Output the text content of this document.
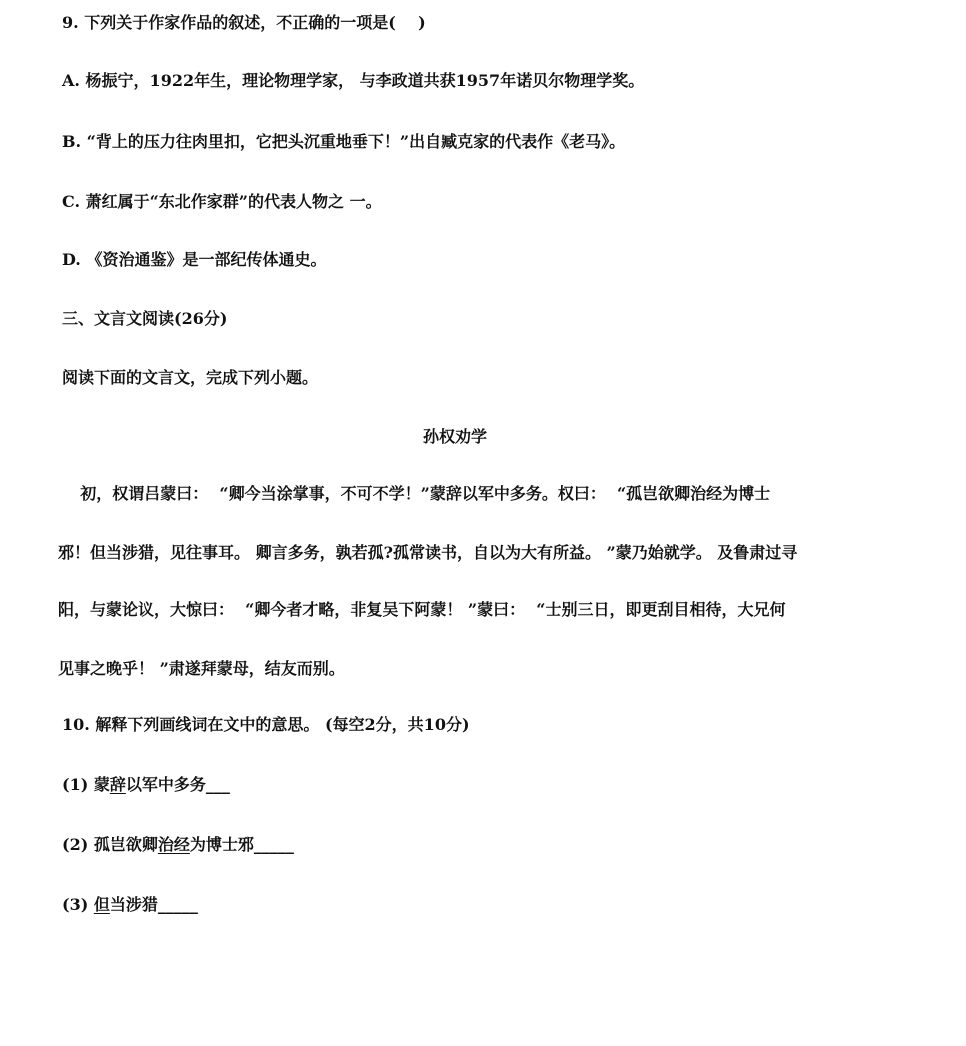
9. 下列关于作家作品的叙述，不正确的一项是(    )
A. 杨振宁，1922年生，理论物理学家， 与李政道共获1957年诺贝尔物理学奖。
B. “背上的压力往肉里扣，它把头沉重地垂下！”出自臧克家的代表作《老马》。
C. 萧红属于“东北作家群”的代表人物之 一。
D. 《资治通鉴》是一部纪传体通史。
三、文言文阅读(26分)
阅读下面的文言文，完成下列小题。
孙权劝学
初，权谓吕蒙曰：  “卿今当涂掌事，不可不学！”蒙辞以军中多务。权曰：  “孤岂欲卿治经为博士
邪！但当涉猎，见往事耳。 卿言多务，孰若孤?孤常读书，自以为大有所益。 ”蒙乃始就学。 及鲁肃过寻
阳，与蒙论议，大惊曰：  “卿今者才略，非复吴下阿蒙！ ”蒙曰：  “士别三日，即更刮目相待，大兄何
见事之晚乎！ ”肃遂拜蒙母，结友而别。
10. 解释下列画线词在文中的意思。 (每空2分，共10分)
(1) 蒙辞以军中多务___
(2) 孤岂欲卿治经为博士邪_____
(3) 但当涉猎_____
